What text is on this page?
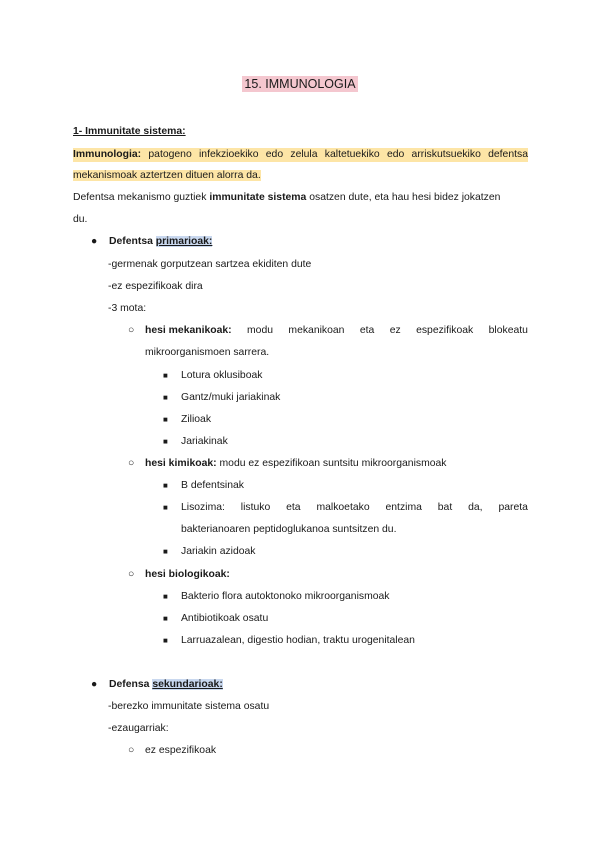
15. IMMUNOLOGIA
1- Immunitate sistema:
Immunologia: patogeno infekzioekiko edo zelula kaltetuekiko edo arriskutsuekiko defentsa
mekanismoak aztertzen dituen alorra da.
Defentsa mekanismo guztiek immunitate sistema osatzen dute, eta hau hesi bidez jokatzen
du.
● Defentsa primarioak:
-germenak gorputzean sartzea ekiditen dute
-ez espezifikoak dira
-3 mota:
○ hesi mekanikoak: modu mekanikoan eta ez espezifikoak blokeatu
mikroorganismoen sarrera.
■ Lotura oklusiboak
■ Gantz/muki jariakinak
■ Zilioak
■ Jariakinak
○ hesi kimikoak: modu ez espezifikoan suntsitu mikroorganismoak
■ B defentsinak
■ Lisozima: listuko eta malkoetako entzima bat da, pareta
bakterianoaren peptidoglukanoa suntsitzen du.
■ Jariakin azidoak
○ hesi biologikoak:
■ Bakterio flora autoktonoko mikroorganismoak
■ Antibiotikoak osatu
■ Larruazalean, digestio hodian, traktu urogenitalean
● Defensa sekundarioak:
-berezko immunitate sistema osatu
-ezaugarriak:
○ ez espezifikoak
